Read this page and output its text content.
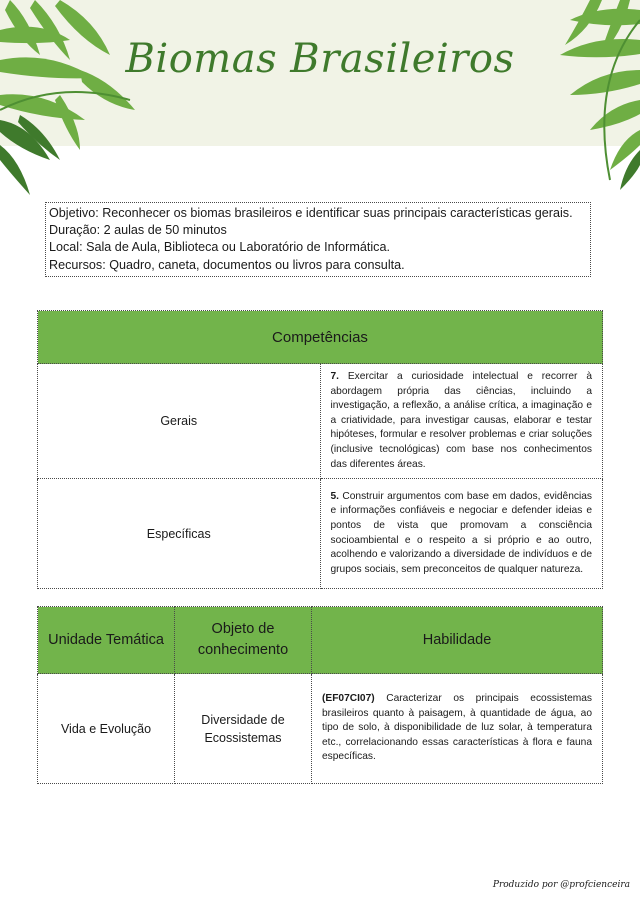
Biomas Brasileiros
Objetivo: Reconhecer os biomas brasileiros e identificar suas principais características gerais.
Duração: 2 aulas de 50 minutos
Local: Sala de Aula, Biblioteca ou Laboratório de Informática.
Recursos: Quadro, caneta, documentos ou livros para consulta.
Competências	
Gerais	7. Exercitar a curiosidade intelectual e recorrer à abordagem própria das ciências, incluindo a investigação, a reflexão, a análise crítica, a imaginação e a criatividade, para investigar causas, elaborar e testar hipóteses, formular e resolver problemas e criar soluções (inclusive tecnológicas) com base nos conhecimentos das diferentes áreas.
Específicas	5. Construir argumentos com base em dados, evidências e informações confiáveis e negociar e defender ideias e pontos de vista que promovam a consciência socioambiental e o respeito a si próprio e ao outro, acolhendo e valorizando a diversidade de indivíduos e de grupos sociais, sem preconceitos de qualquer natureza.
Unidade Temática	Objeto de conhecimento	Habilidade
Vida e Evolução	Diversidade de Ecossistemas	(EF07CI07) Caracterizar os principais ecossistemas brasileiros quanto à paisagem, à quantidade de água, ao tipo de solo, à disponibilidade de luz solar, à temperatura etc., correlacionando essas características à flora e fauna específicas.
Produzido por @profcienceira
